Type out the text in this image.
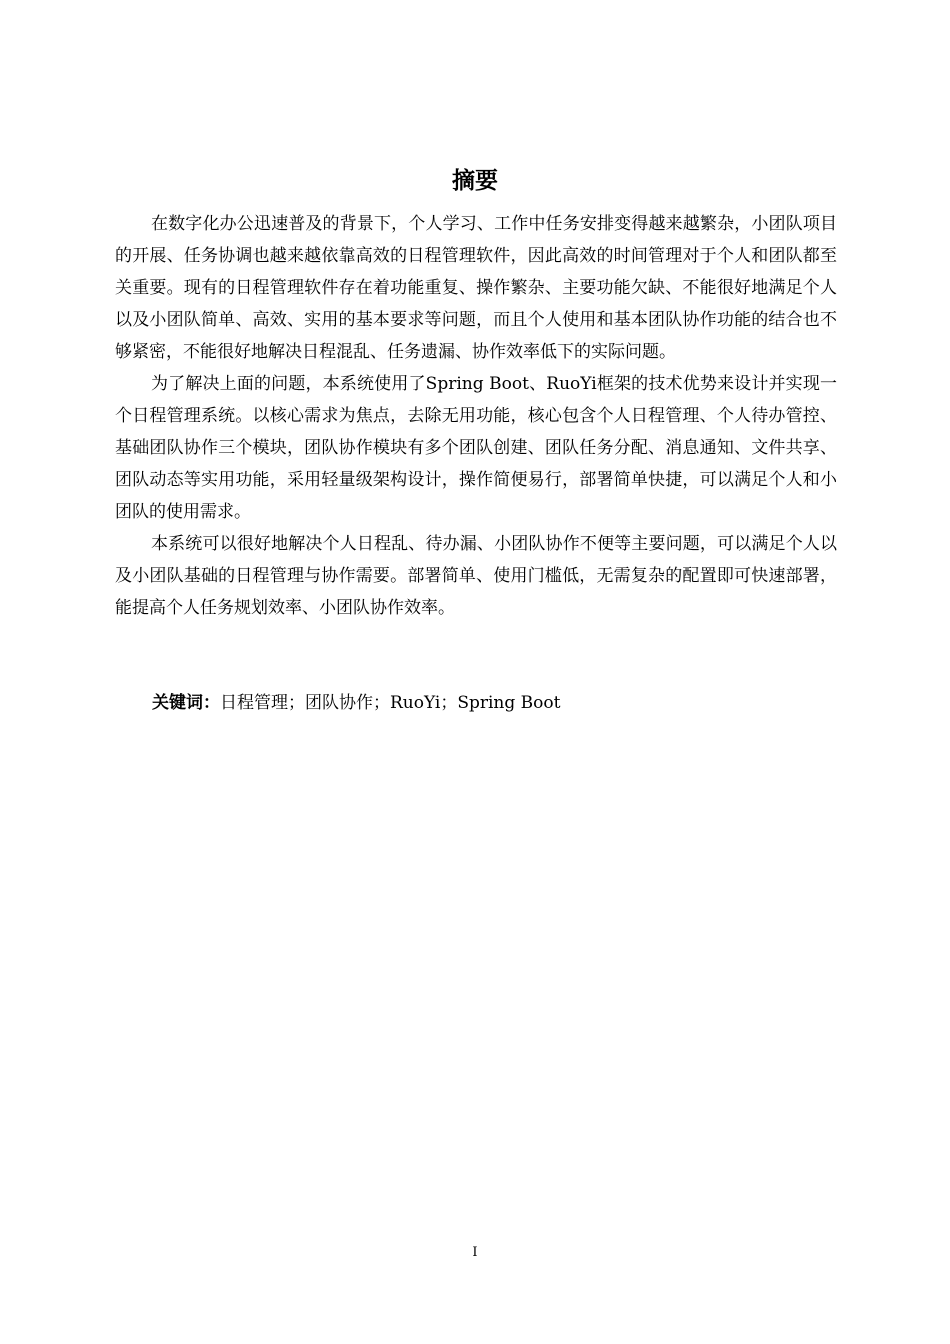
摘要

在数字化办公迅速普及的背景下，个人学习、工作中任务安排变得越来越繁杂，小团队项目的开展、任务协调也越来越依靠高效的日程管理软件，因此高效的时间管理对于个人和团队都至关重要。现有的日程管理软件存在着功能重复、操作繁杂、主要功能欠缺、不能很好地满足个人以及小团队简单、高效、实用的基本要求等问题，而且个人使用和基本团队协作功能的结合也不够紧密，不能很好地解决日程混乱、任务遗漏、协作效率低下的实际问题。

为了解决上面的问题，本系统使用了Spring Boot、RuoYi框架的技术优势来设计并实现一个日程管理系统。以核心需求为焦点，去除无用功能，核心包含个人日程管理、个人待办管控、基础团队协作三个模块，团队协作模块有多个团队创建、团队任务分配、消息通知、文件共享、团队动态等实用功能，采用轻量级架构设计，操作简便易行，部署简单快捷，可以满足个人和小团队的使用需求。

本系统可以很好地解决个人日程乱、待办漏、小团队协作不便等主要问题，可以满足个人以及小团队基础的日程管理与协作需要。部署简单、使用门槛低，无需复杂的配置即可快速部署，能提高个人任务规划效率、小团队协作效率。

关键词：日程管理；团队协作；RuoYi；Spring Boot
I
